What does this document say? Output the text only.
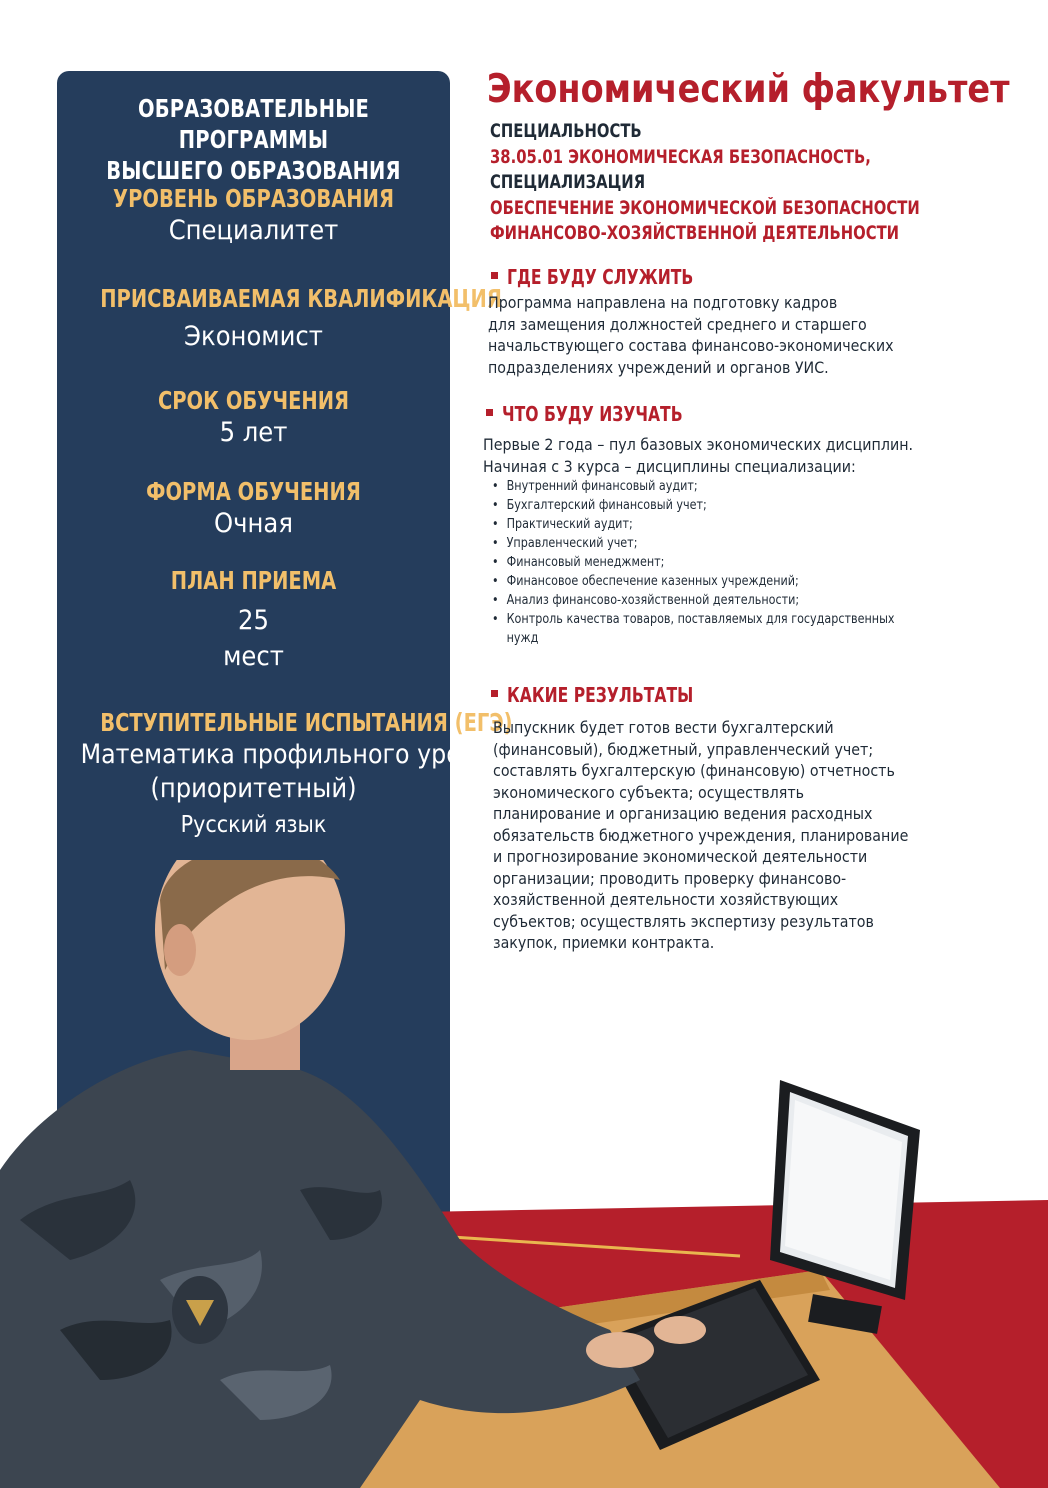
ОБРАЗОВАТЕЛЬНЫЕ ПРОГРАММЫ
ВЫСШЕГО ОБРАЗОВАНИЯ
УРОВЕНЬ ОБРАЗОВАНИЯ
Специалитет
ПРИСВАИВАЕМАЯ КВАЛИФИКАЦИЯ
Экономист
СРОК ОБУЧЕНИЯ
5 лет
ФОРМА ОБУЧЕНИЯ
Очная
ПЛАН ПРИЕМА
25
мест
ВСТУПИТЕЛЬНЫЕ ИСПЫТАНИЯ (ЕГЭ)
Математика профильного уровня
(приоритетный)
Русский язык
Экономический факультет
СПЕЦИАЛЬНОСТЬ
38.05.01 ЭКОНОМИЧЕСКАЯ БЕЗОПАСНОСТЬ,
СПЕЦИАЛИЗАЦИЯ
ОБЕСПЕЧЕНИЕ ЭКОНОМИЧЕСКОЙ БЕЗОПАСНОСТИ
ФИНАНСОВО-ХОЗЯЙСТВЕННОЙ ДЕЯТЕЛЬНОСТИ
ГДЕ БУДУ СЛУЖИТЬ
Программа направлена на подготовку кадров
для замещения должностей среднего и старшего
начальствующего состава финансово-экономических
подразделениях учреждений и органов УИС.
ЧТО БУДУ ИЗУЧАТЬ
Первые 2 года – пул базовых экономических дисциплин.
Начиная с 3 курса – дисциплины специализации:
• Внутренний финансовый аудит;
• Бухгалтерский финансовый учет;
• Практический аудит;
• Управленческий учет;
• Финансовый менеджмент;
• Финансовое обеспечение казенных учреждений;
• Анализ финансово-хозяйственной деятельности;
• Контроль качества товаров, поставляемых для государственных
нужд
КАКИЕ РЕЗУЛЬТАТЫ
Выпускник будет готов вести бухгалтерский
(финансовый), бюджетный, управленческий учет;
составлять бухгалтерскую (финансовую) отчетность
экономического субъекта; осуществлять
планирование и организацию ведения расходных
обязательств бюджетного учреждения, планирование
и прогнозирование экономической деятельности
организации; проводить проверку финансово-
хозяйственной деятельности хозяйствующих
субъектов; осуществлять экспертизу результатов
закупок, приемки контракта.
